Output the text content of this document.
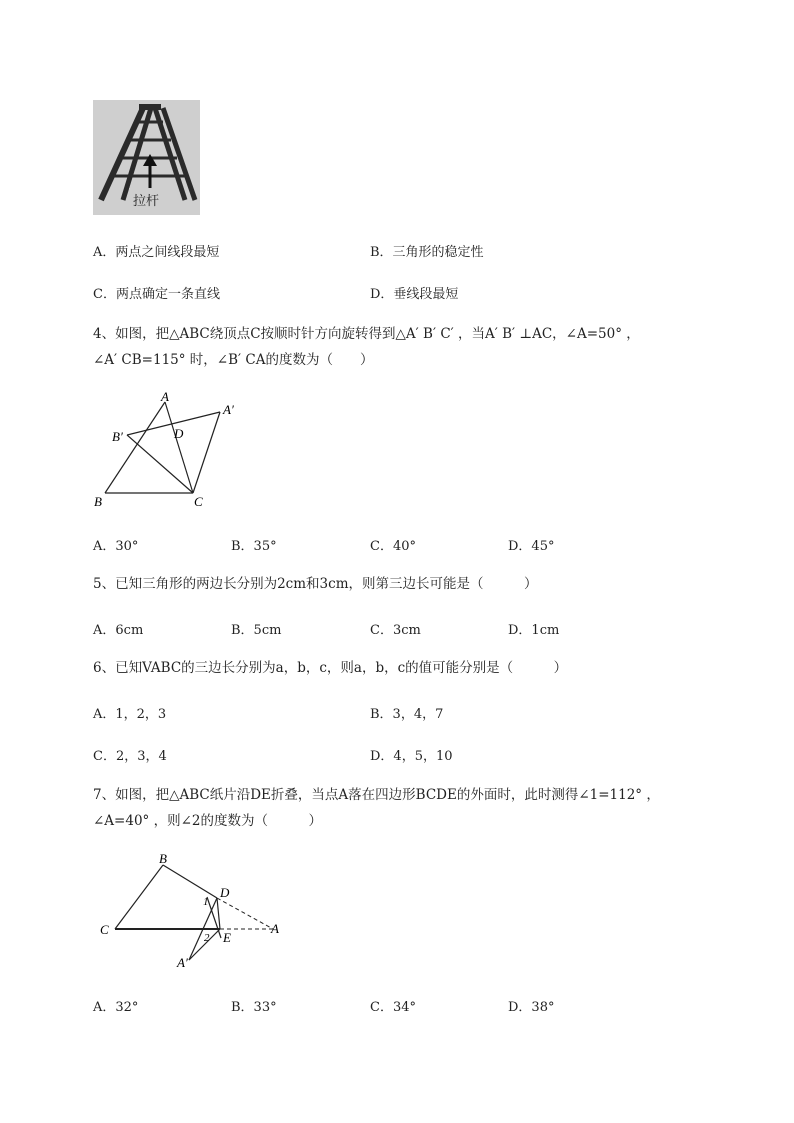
拉杆
A．两点之间线段最短	B．三角形的稳定性
C．两点确定一条直线	D．垂线段最短
4、如图，把△ABC绕顶点C按顺时针方向旋转得到△A′ B′ C′ ，当A′ B′ ⊥AC，∠A=50° ，
∠A′ CB=115° 时，∠B′ CA的度数为（　　）
A
A′
B′	D
B	C
A．30°	B．35°	C．40°	D．45°
5、已知三角形的两边长分别为2cm和3cm，则第三边长可能是（　　　）
A．6cm	B．5cm	C．3cm	D．1cm
6、已知VABC的三边长分别为a，b，c，则a，b，c的值可能分别是（　　　）
A．1，2，3	B．3，4，7
C．2，3，4	D．4，5，10
7、如图，把△ABC纸片沿DE折叠，当点A落在四边形BCDE的外面时，此时测得∠1=112° ，
∠A=40° ，则∠2的度数为（　　　）
B
D
C
E
A
A′
1
2
A．32°	B．33°	C．34°	D．38°
